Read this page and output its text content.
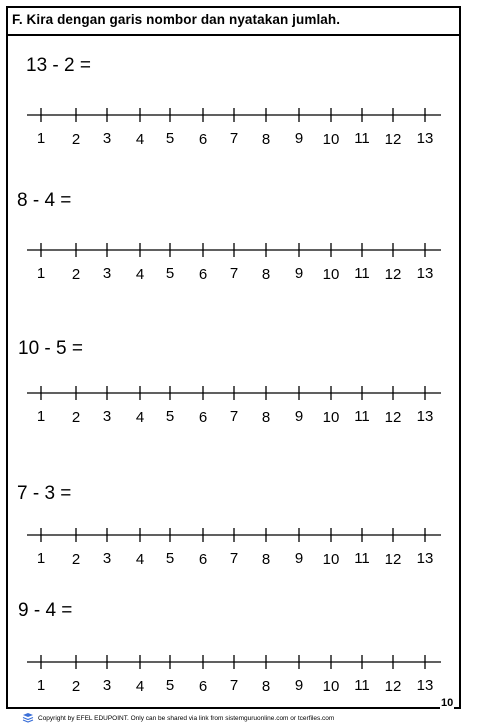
F. Kira dengan garis nombor dan nyatakan jumlah.
13 - 2 =
1 2 3 4 5 6 7 8 9 10 11 12 13
8 - 4 =
1 2 3 4 5 6 7 8 9 10 11 12 13
10 - 5 =
1 2 3 4 5 6 7 8 9 10 11 12 13
7 - 3 =
1 2 3 4 5 6 7 8 9 10 11 12 13
9 - 4 =
1 2 3 4 5 6 7 8 9 10 11 12 13
10
Copyright by EFEL EDUPOINT. Only can be shared via link from sistemguruonline.com or tcerfiles.com
